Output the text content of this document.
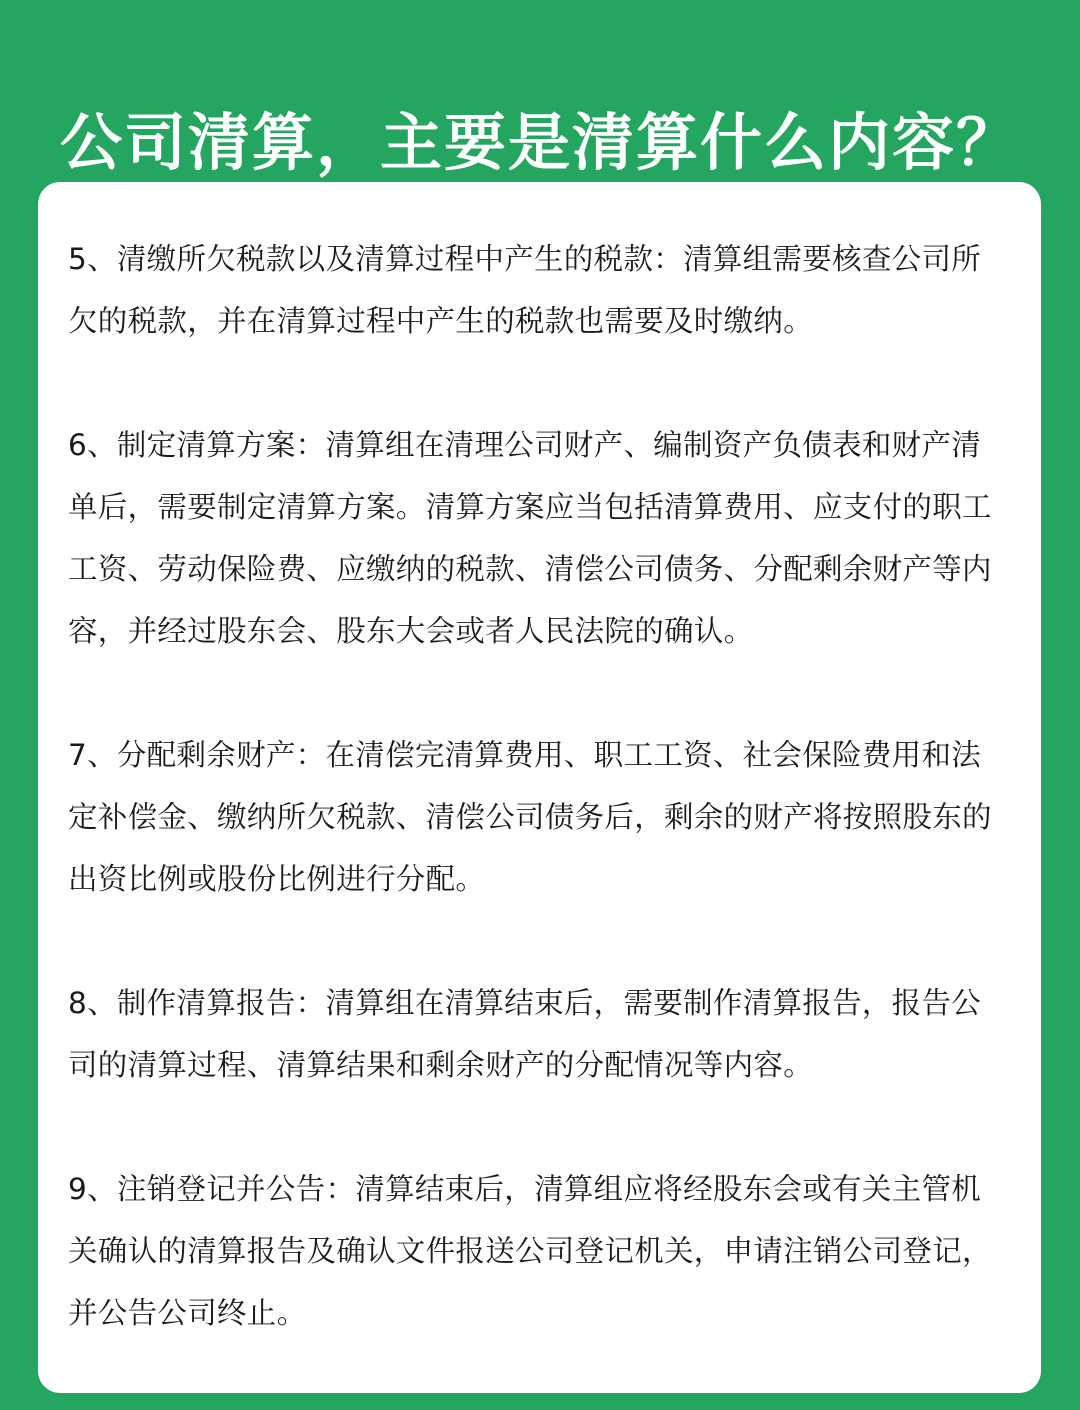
公司清算，主要是清算什么内容？

5、清缴所欠税款以及清算过程中产生的税款：清算组需要核查公司所欠的税款，并在清算过程中产生的税款也需要及时缴纳。

6、制定清算方案：清算组在清理公司财产、编制资产负债表和财产清单后，需要制定清算方案。清算方案应当包括清算费用、应支付的职工工资、劳动保险费、应缴纳的税款、清偿公司债务、分配剩余财产等内容，并经过股东会、股东大会或者人民法院的确认。

7、分配剩余财产：在清偿完清算费用、职工工资、社会保险费用和法定补偿金、缴纳所欠税款、清偿公司债务后，剩余的财产将按照股东的出资比例或股份比例进行分配。

8、制作清算报告：清算组在清算结束后，需要制作清算报告，报告公司的清算过程、清算结果和剩余财产的分配情况等内容。

9、注销登记并公告：清算结束后，清算组应将经股东会或有关主管机关确认的清算报告及确认文件报送公司登记机关，申请注销公司登记，并公告公司终止。
